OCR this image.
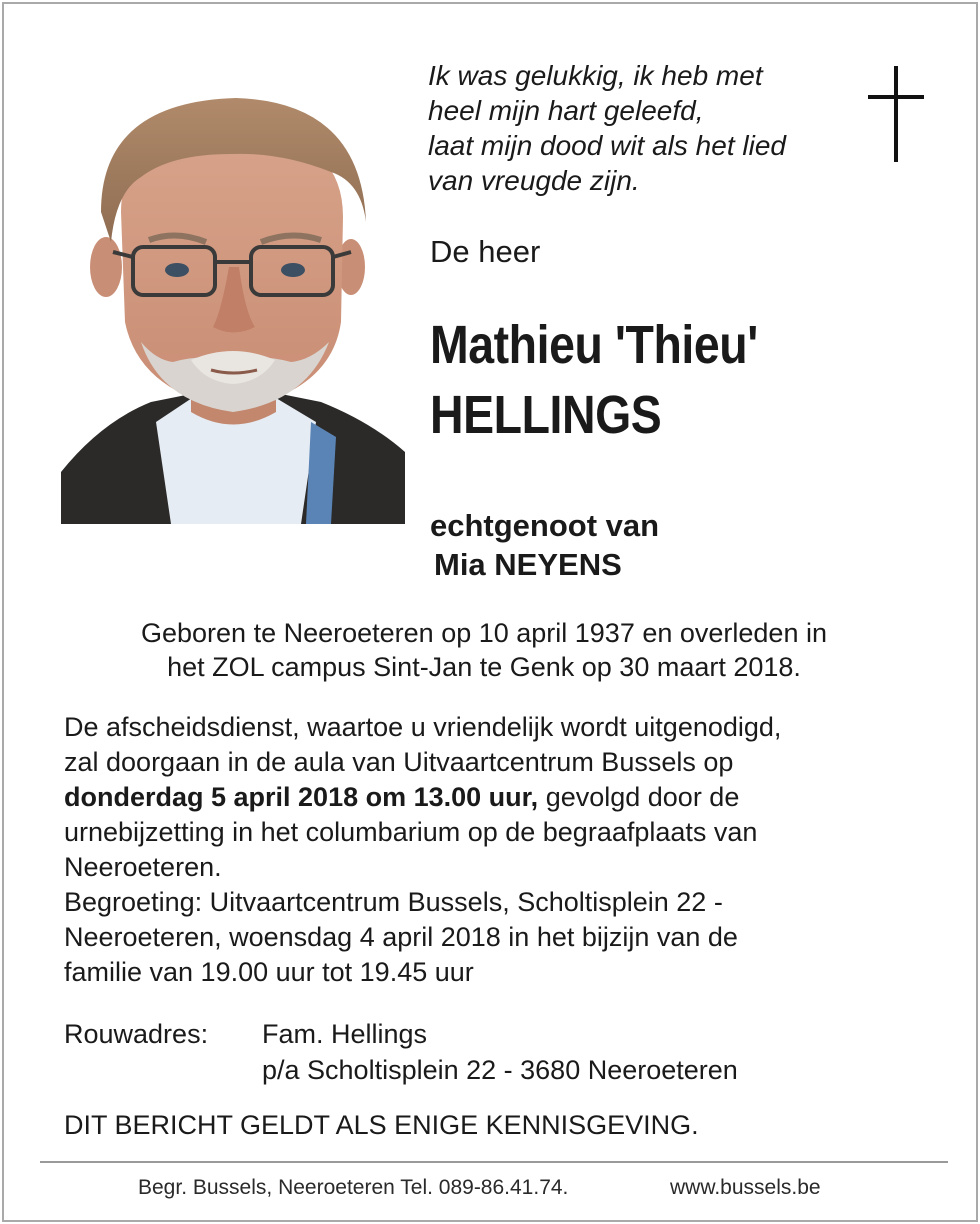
Ik was gelukkig, ik heb met
heel mijn hart geleefd,
laat mijn dood wit als het lied
van vreugde zijn.
De heer
Mathieu 'Thieu'
HELLINGS
echtgenoot van
Mia NEYENS
Geboren te Neeroeteren op 10 april 1937 en overleden in
het ZOL campus Sint-Jan te Genk op 30 maart 2018.
De afscheidsdienst, waartoe u vriendelijk wordt uitgenodigd,
zal doorgaan in de aula van Uitvaartcentrum Bussels op
donderdag 5 april 2018 om 13.00 uur, gevolgd door de
urnebijzetting in het columbarium op de begraafplaats van
Neeroeteren.
Begroeting: Uitvaartcentrum Bussels, Scholtisplein 22 -
Neeroeteren, woensdag 4 april 2018 in het bijzijn van de
familie van 19.00 uur tot 19.45 uur
Rouwadres: Fam. Hellings
p/a Scholtisplein 22 - 3680 Neeroeteren
DIT BERICHT GELDT ALS ENIGE KENNISGEVING.
Begr. Bussels, Neeroeteren Tel. 089-86.41.74.	www.bussels.be
